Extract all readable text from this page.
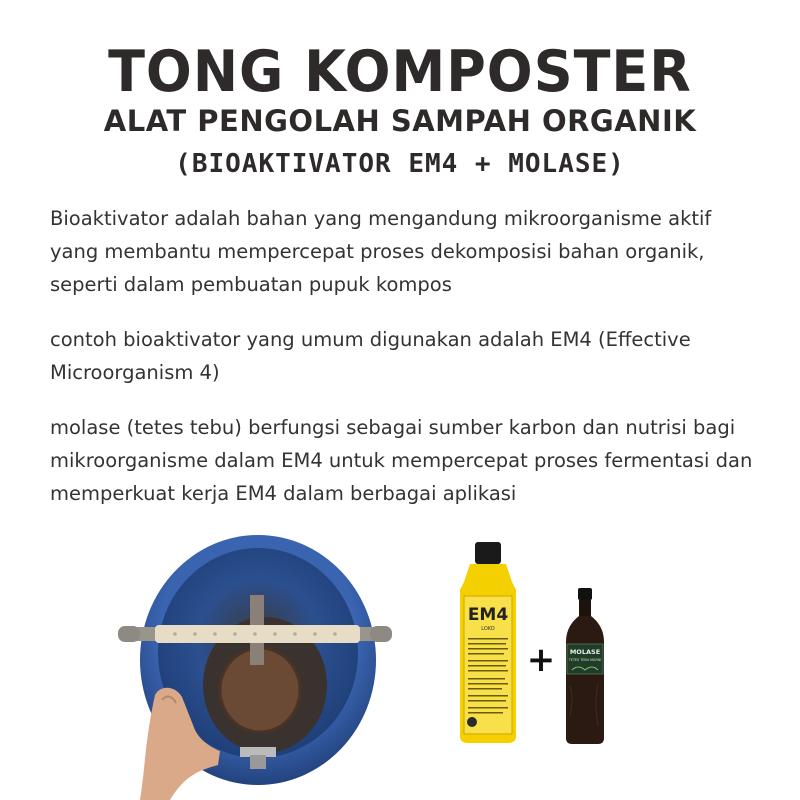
TONG KOMPOSTER
ALAT PENGOLAH SAMPAH ORGANIK
(BIOAKTIVATOR EM4 + MOLASE)

Bioaktivator adalah bahan yang mengandung mikroorganisme aktif yang membantu mempercepat proses dekomposisi bahan organik, seperti dalam pembuatan pupuk kompos

contoh bioaktivator yang umum digunakan adalah EM4 (Effective Microorganism 4)

molase (tetes tebu) berfungsi sebagai sumber karbon dan nutrisi bagi mikroorganisme dalam EM4 untuk mempercepat proses fermentasi dan memperkuat kerja EM4 dalam berbagai aplikasi

EM4
LOKO
+ MOLASE
TETES TEBU MURNI
